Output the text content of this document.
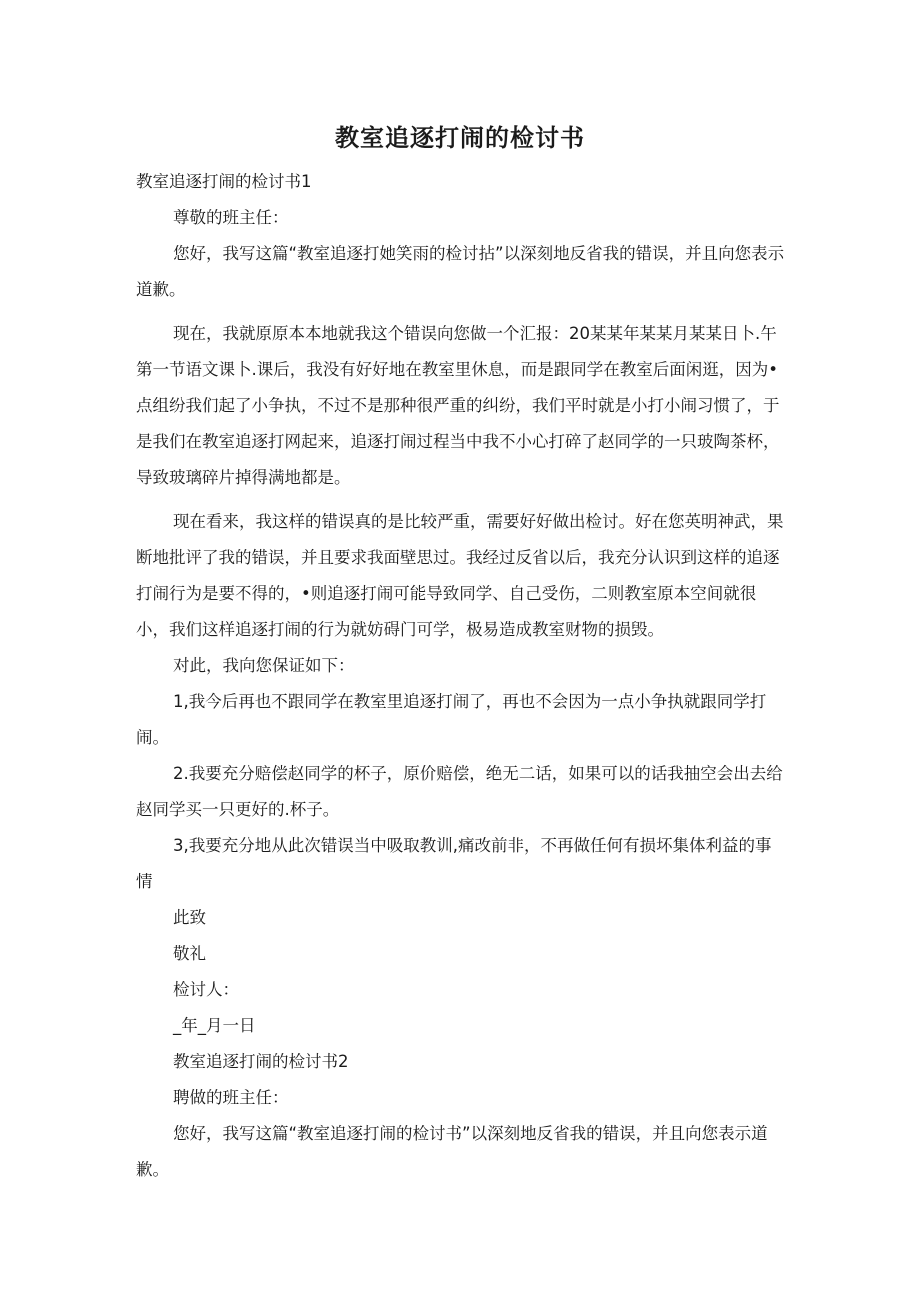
教室追逐打闹的检讨书

教室追逐打闹的检讨书1

尊敬的班主任：

您好，我写这篇“教室追逐打她笑雨的检讨拈”以深刻地反省我的错误，并且向您表示道歉。

现在，我就原原本本地就我这个错误向您做一个汇报：20某某年某某月某某日卜.午第一节语文课卜.课后，我没有好好地在教室里休息，而是跟同学在教室后面闲逛，因为•点组纷我们起了小争执，不过不是那种很严重的纠纷，我们平时就是小打小闹习惯了，于是我们在教室追逐打网起来，追逐打闹过程当中我不小心打碎了赵同学的一只玻陶茶杯，导致玻璃碎片掉得满地都是。

现在看来，我这样的错误真的是比较严重，需要好好做出检讨。好在您英明神武，果断地批评了我的错误，并且要求我面壁思过。我经过反省以后，我充分认识到这样的追逐打闹行为是要不得的，•则追逐打闹可能导致同学、自己受伤，二则教室原本空间就很小，我们这样追逐打闹的行为就妨碍门可学，极易造成教室财物的损毁。

对此，我向您保证如下：

1,我今后再也不跟同学在教室里追逐打闹了，再也不会因为一点小争执就跟同学打闹。

2.我要充分赔偿赵同学的杯子，原价赔偿，绝无二话，如果可以的话我抽空会出去给赵同学买一只更好的.杯子。

3,我要充分地从此次错误当中吸取教训,痛改前非，不再做任何有损坏集体利益的事情

此致

敬礼

检讨人：

_年_月一日

教室追逐打闹的检讨书2

聘做的班主任：

您好，我写这篇“教室追逐打闹的检讨书”以深刻地反省我的错误，并且向您表示道歉。
